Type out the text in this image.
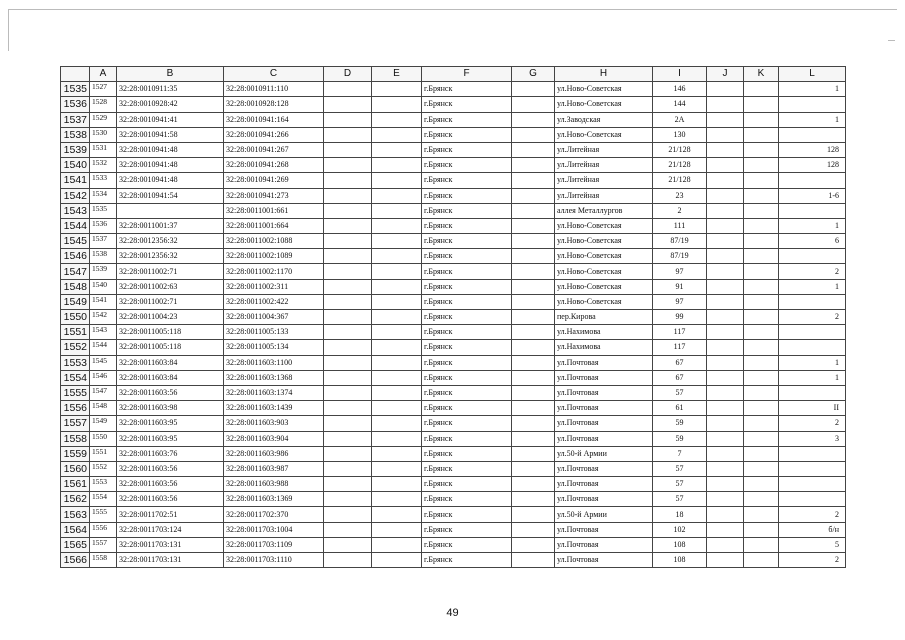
	A	B	C	D	E	F	G	H	I	J	K	L
1535	1527	32:28:0010911:35	32:28:0010911:110			г.Брянск		ул.Ново-Советская	146			1
1536	1528	32:28:0010928:42	32:28:0010928:128			г.Брянск		ул.Ново-Советская	144			
1537	1529	32:28:0010941:41	32:28:0010941:164			г.Брянск		ул.Заводская	2А			1
1538	1530	32:28:0010941:58	32:28:0010941:266			г.Брянск		ул.Ново-Советская	130			
1539	1531	32:28:0010941:48	32:28:0010941:267			г.Брянск		ул.Литейная	21/128			128
1540	1532	32:28:0010941:48	32:28:0010941:268			г.Брянск		ул.Литейная	21/128			128
1541	1533	32:28:0010941:48	32:28:0010941:269			г.Брянск		ул.Литейная	21/128			
1542	1534	32:28:0010941:54	32:28:0010941:273			г.Брянск		ул.Литейная	23			1-6
1543	1535		32:28:0011001:661			г.Брянск		аллея Металлургов	2			
1544	1536	32:28:0011001:37	32:28:0011001:664			г.Брянск		ул.Ново-Советская	111			1
1545	1537	32:28:0012356:32	32:28:0011002:1088			г.Брянск		ул.Ново-Советская	87/19			6
1546	1538	32:28:0012356:32	32:28:0011002:1089			г.Брянск		ул.Ново-Советская	87/19			
1547	1539	32:28:0011002:71	32:28:0011002:1170			г.Брянск		ул.Ново-Советская	97			2
1548	1540	32:28:0011002:63	32:28:0011002:311			г.Брянск		ул.Ново-Советская	91			1
1549	1541	32:28:0011002:71	32:28:0011002:422			г.Брянск		ул.Ново-Советская	97			
1550	1542	32:28:0011004:23	32:28:0011004:367			г.Брянск		пер.Кирова	99			2
1551	1543	32:28:0011005:118	32:28:0011005:133			г.Брянск		ул.Нахимова	117			
1552	1544	32:28:0011005:118	32:28:0011005:134			г.Брянск		ул.Нахимова	117			
1553	1545	32:28:0011603:84	32:28:0011603:1100			г.Брянск		ул.Почтовая	67			1
1554	1546	32:28:0011603:84	32:28:0011603:1368			г.Брянск		ул.Почтовая	67			1
1555	1547	32:28:0011603:56	32:28:0011603:1374			г.Брянск		ул.Почтовая	57			
1556	1548	32:28:0011603:98	32:28:0011603:1439			г.Брянск		ул.Почтовая	61			II
1557	1549	32:28:0011603:95	32:28:0011603:903			г.Брянск		ул.Почтовая	59			2
1558	1550	32:28:0011603:95	32:28:0011603:904			г.Брянск		ул.Почтовая	59			3
1559	1551	32:28:0011603:76	32:28:0011603:986			г.Брянск		ул.50-й Армии	7			
1560	1552	32:28:0011603:56	32:28:0011603:987			г.Брянск		ул.Почтовая	57			
1561	1553	32:28:0011603:56	32:28:0011603:988			г.Брянск		ул.Почтовая	57			
1562	1554	32:28:0011603:56	32:28:0011603:1369			г.Брянск		ул.Почтовая	57			
1563	1555	32:28:0011702:51	32:28:0011702:370			г.Брянск		ул.50-й Армии	18			2
1564	1556	32:28:0011703:124	32:28:0011703:1004			г.Брянск		ул.Почтовая	102			б/н
1565	1557	32:28:0011703:131	32:28:0011703:1109			г.Брянск		ул.Почтовая	108			5
1566	1558	32:28:0011703:131	32:28:0011703:1110			г.Брянск		ул.Почтовая	108			2
49
